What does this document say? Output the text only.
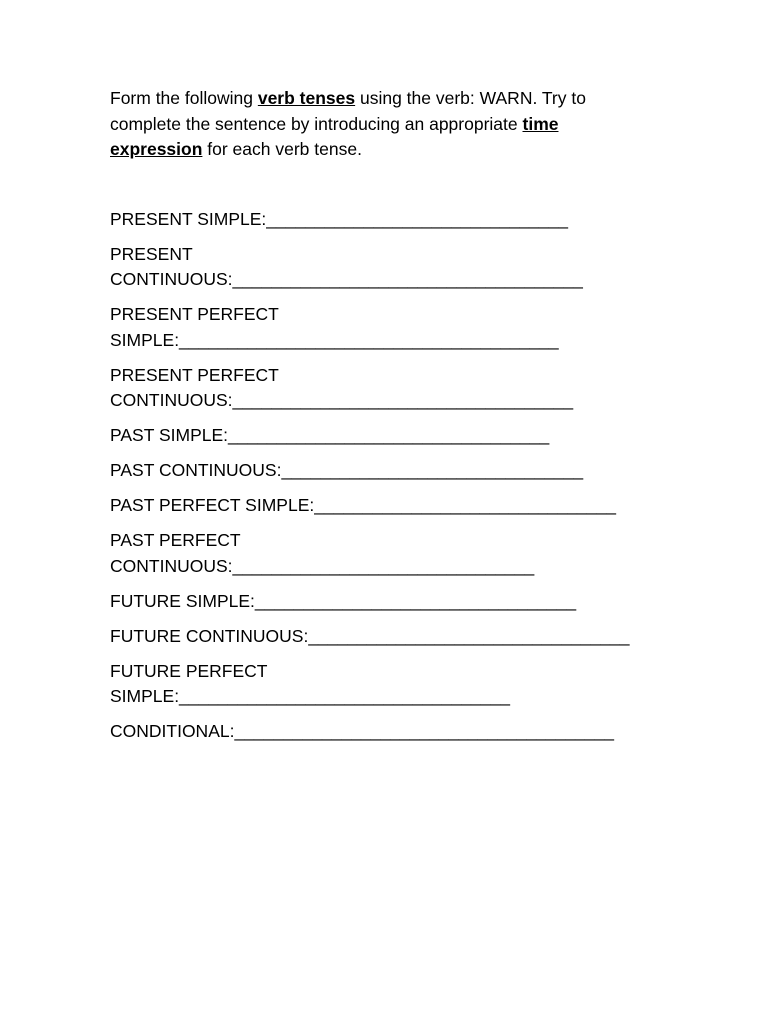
Form the following verb tenses using the verb: WARN. Try to
complete the sentence by introducing an appropriate time
expression for each verb tense.

PRESENT SIMPLE:_______________________________
PRESENT
CONTINUOUS:____________________________________
PRESENT PERFECT
SIMPLE:_______________________________________
PRESENT PERFECT
CONTINUOUS:___________________________________
PAST SIMPLE:_________________________________
PAST CONTINUOUS:_______________________________
PAST PERFECT SIMPLE:_______________________________
PAST PERFECT
CONTINUOUS:_______________________________
FUTURE SIMPLE:_________________________________
FUTURE CONTINUOUS:_________________________________
FUTURE PERFECT
SIMPLE:__________________________________
CONDITIONAL:_______________________________________
